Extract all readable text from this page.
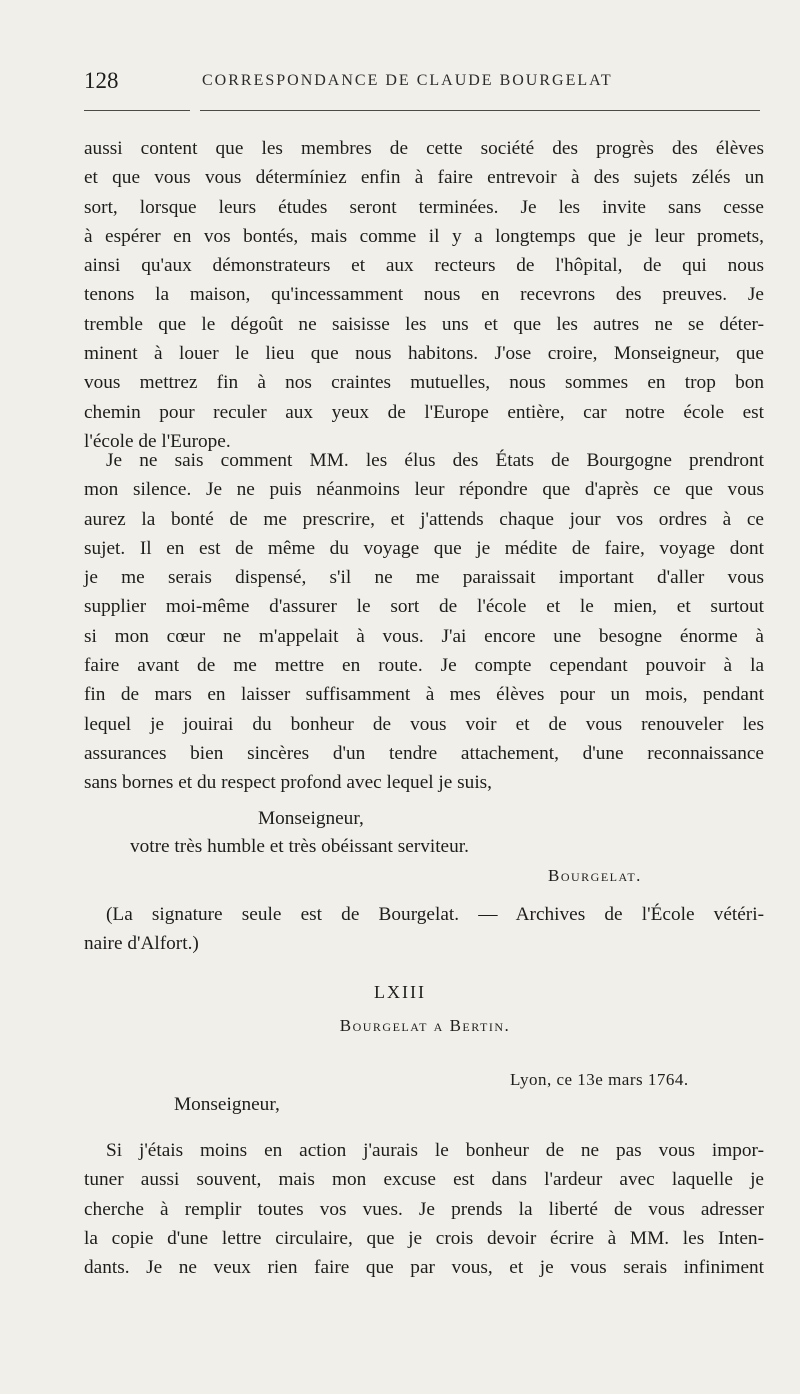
128	CORRESPONDANCE DE CLAUDE BOURGELAT
aussi content que les membres de cette société des progrès des élèves
et que vous vous détermíniez enfin à faire entrevoir à des sujets zélés un
sort, lorsque leurs études seront terminées. Je les invite sans cesse
à espérer en vos bontés, mais comme il y a longtemps que je leur promets,
ainsi qu'aux démonstrateurs et aux recteurs de l'hôpital, de qui nous
tenons la maison, qu'incessamment nous en recevrons des preuves. Je
tremble que le dégoût ne saisisse les uns et que les autres ne se déter-
minent à louer le lieu que nous habitons. J'ose croire, Monseigneur, que
vous mettrez fin à nos craintes mutuelles, nous sommes en trop bon
chemin pour reculer aux yeux de l'Europe entière, car notre école est
l'école de l'Europe.
Je ne sais comment MM. les élus des États de Bourgogne prendront
mon silence. Je ne puis néanmoins leur répondre que d'après ce que vous
aurez la bonté de me prescrire, et j'attends chaque jour vos ordres à ce
sujet. Il en est de même du voyage que je médite de faire, voyage dont
je me serais dispensé, s'il ne me paraissait important d'aller vous
supplier moi-même d'assurer le sort de l'école et le mien, et surtout
si mon cœur ne m'appelait à vous. J'ai encore une besogne énorme à
faire avant de me mettre en route. Je compte cependant pouvoir à la
fin de mars en laisser suffisamment à mes élèves pour un mois, pendant
lequel je jouirai du bonheur de vous voir et de vous renouveler les
assurances bien sincères d'un tendre attachement, d'une reconnaissance
sans bornes et du respect profond avec lequel je suis,
Monseigneur,
votre très humble et très obéissant serviteur.
Bourgelat.
(La signature seule est de Bourgelat. — Archives de l'École vétéri-
naire d'Alfort.)
LXIII
Bourgelat a Bertin.
Lyon, ce 13e mars 1764.
Monseigneur,
Si j'étais moins en action j'aurais le bonheur de ne pas vous impor-
tuner aussi souvent, mais mon excuse est dans l'ardeur avec laquelle je
cherche à remplir toutes vos vues. Je prends la liberté de vous adresser
la copie d'une lettre circulaire, que je crois devoir écrire à MM. les Inten-
dants. Je ne veux rien faire que par vous, et je vous serais infiniment
